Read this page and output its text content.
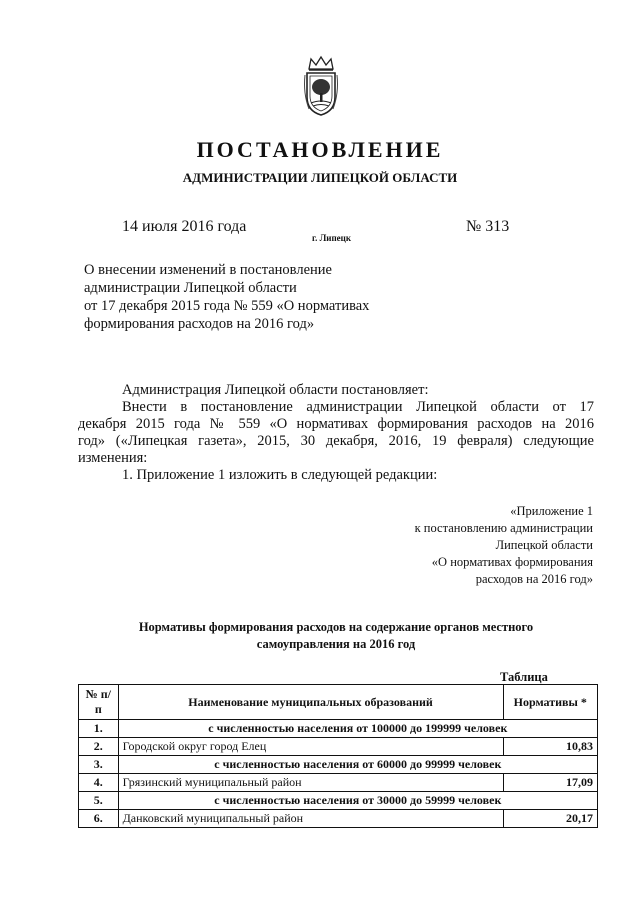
ПОСТАНОВЛЕНИЕ
АДМИНИСТРАЦИИ ЛИПЕЦКОЙ ОБЛАСТИ
14 июля 2016 года
г. Липецк
№ 313
О внесении изменений в постановление
администрации Липецкой области
от 17 декабря 2015 года № 559 «О нормативах
формирования расходов на 2016 год»
Администрация Липецкой области постановляет:
Внести в постановление администрации Липецкой области от 17
декабря 2015 года № 559 «О нормативах формирования расходов на 2016
год» («Липецкая газета», 2015, 30 декабря, 2016, 19 февраля) следующие
изменения:
1. Приложение 1 изложить в следующей редакции:
«Приложение 1
к постановлению администрации
Липецкой области
«О нормативах формирования
расходов на 2016 год»
Нормативы формирования расходов на содержание органов местного
самоуправления на 2016 год
Таблица
№ п/п	Наименование муниципальных образований	Нормативы *
1.	с численностью населения от 100000 до 199999 человек	
2.	Городской округ город Елец	10,83
3.	с численностью населения от 60000 до 99999 человек	
4.	Грязинский муниципальный район	17,09
5.	с численностью населения от 30000 до 59999 человек	
6.	Данковский муниципальный район	20,17
